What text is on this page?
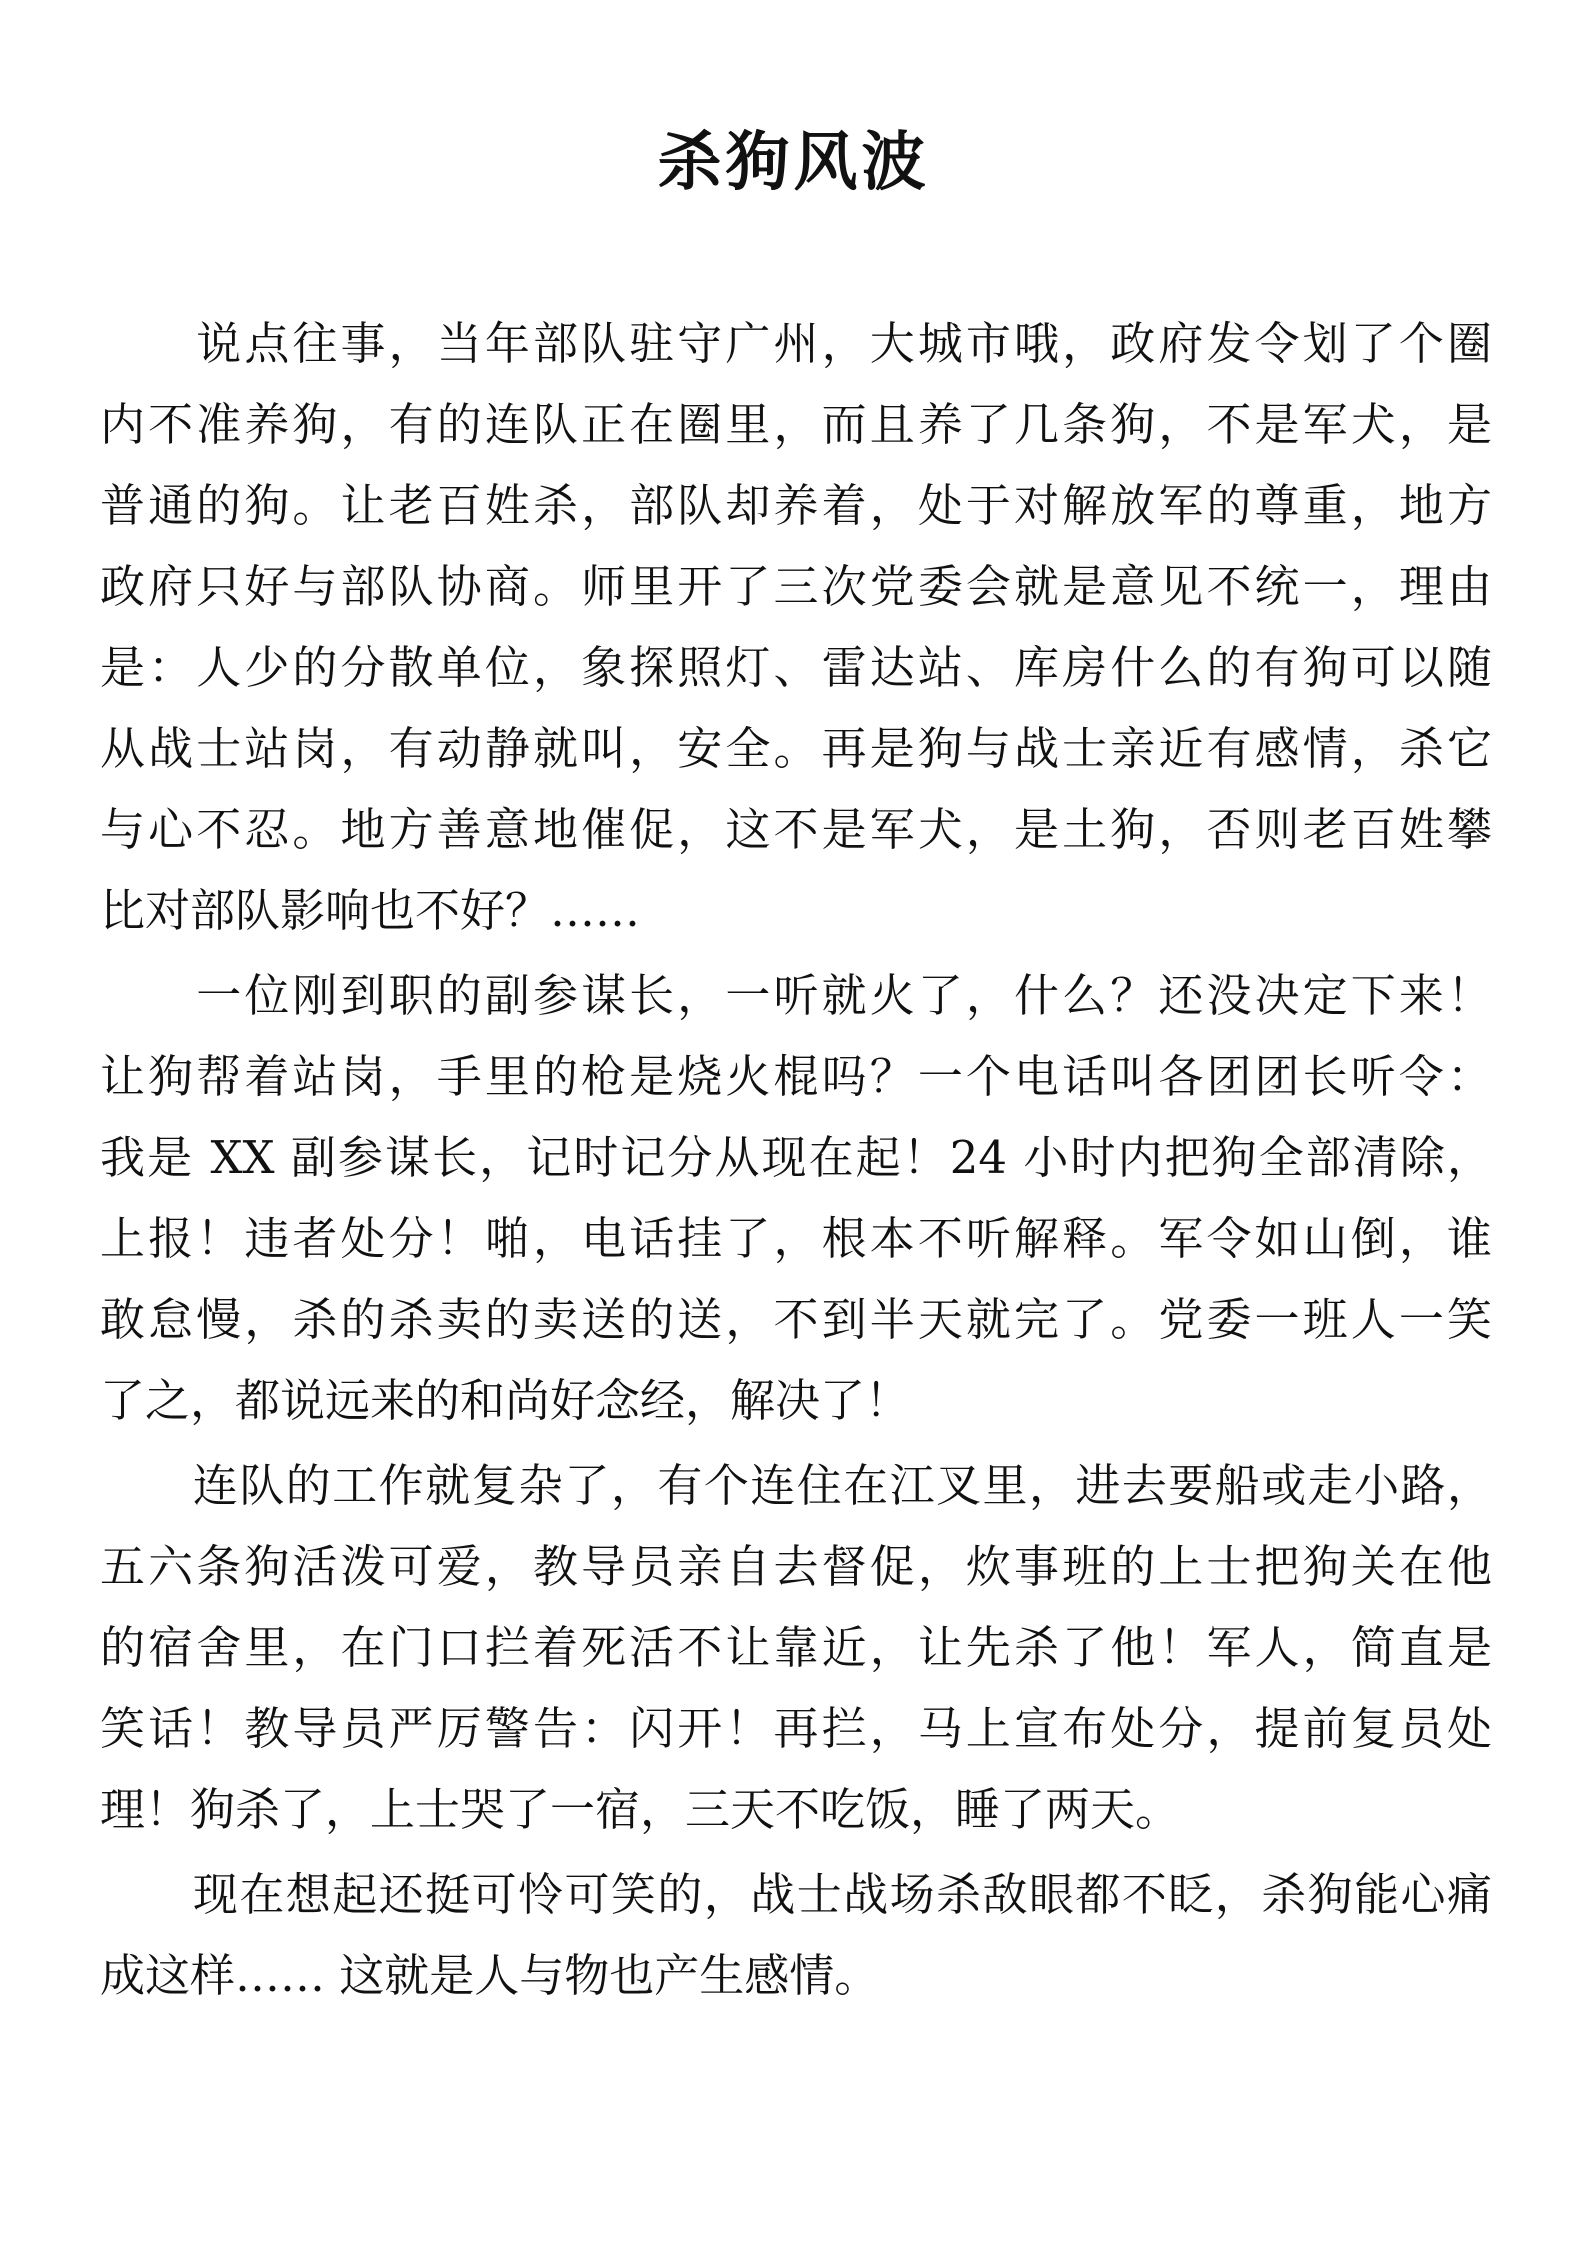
杀狗风波
　　说点往事，当年部队驻守广州，大城市哦，政府发令划了个圈
内不准养狗，有的连队正在圈里，而且养了几条狗，不是军犬，是
普通的狗。让老百姓杀，部队却养着，处于对解放军的尊重，地方
政府只好与部队协商。师里开了三次党委会就是意见不统一，理由
是：人少的分散单位，象探照灯、雷达站、库房什么的有狗可以随
从战士站岗，有动静就叫，安全。再是狗与战士亲近有感情，杀它
与心不忍。地方善意地催促，这不是军犬，是土狗，否则老百姓攀
比对部队影响也不好？……
　　一位刚到职的副参谋长，一听就火了，什么？还没决定下来！
让狗帮着站岗，手里的枪是烧火棍吗？一个电话叫各团团长听令：
我是 XX 副参谋长，记时记分从现在起！24 小时内把狗全部清除，
上报！违者处分！啪，电话挂了，根本不听解释。军令如山倒，谁
敢怠慢，杀的杀卖的卖送的送，不到半天就完了。党委一班人一笑
了之，都说远来的和尚好念经，解决了！
　　连队的工作就复杂了，有个连住在江叉里，进去要船或走小路，
五六条狗活泼可爱，教导员亲自去督促，炊事班的上士把狗关在他
的宿舍里，在门口拦着死活不让靠近，让先杀了他！军人，简直是
笑话！教导员严厉警告：闪开！再拦，马上宣布处分，提前复员处
理！狗杀了，上士哭了一宿，三天不吃饭，睡了两天。
　　现在想起还挺可怜可笑的，战士战场杀敌眼都不眨，杀狗能心痛
成这样…… 这就是人与物也产生感情。
